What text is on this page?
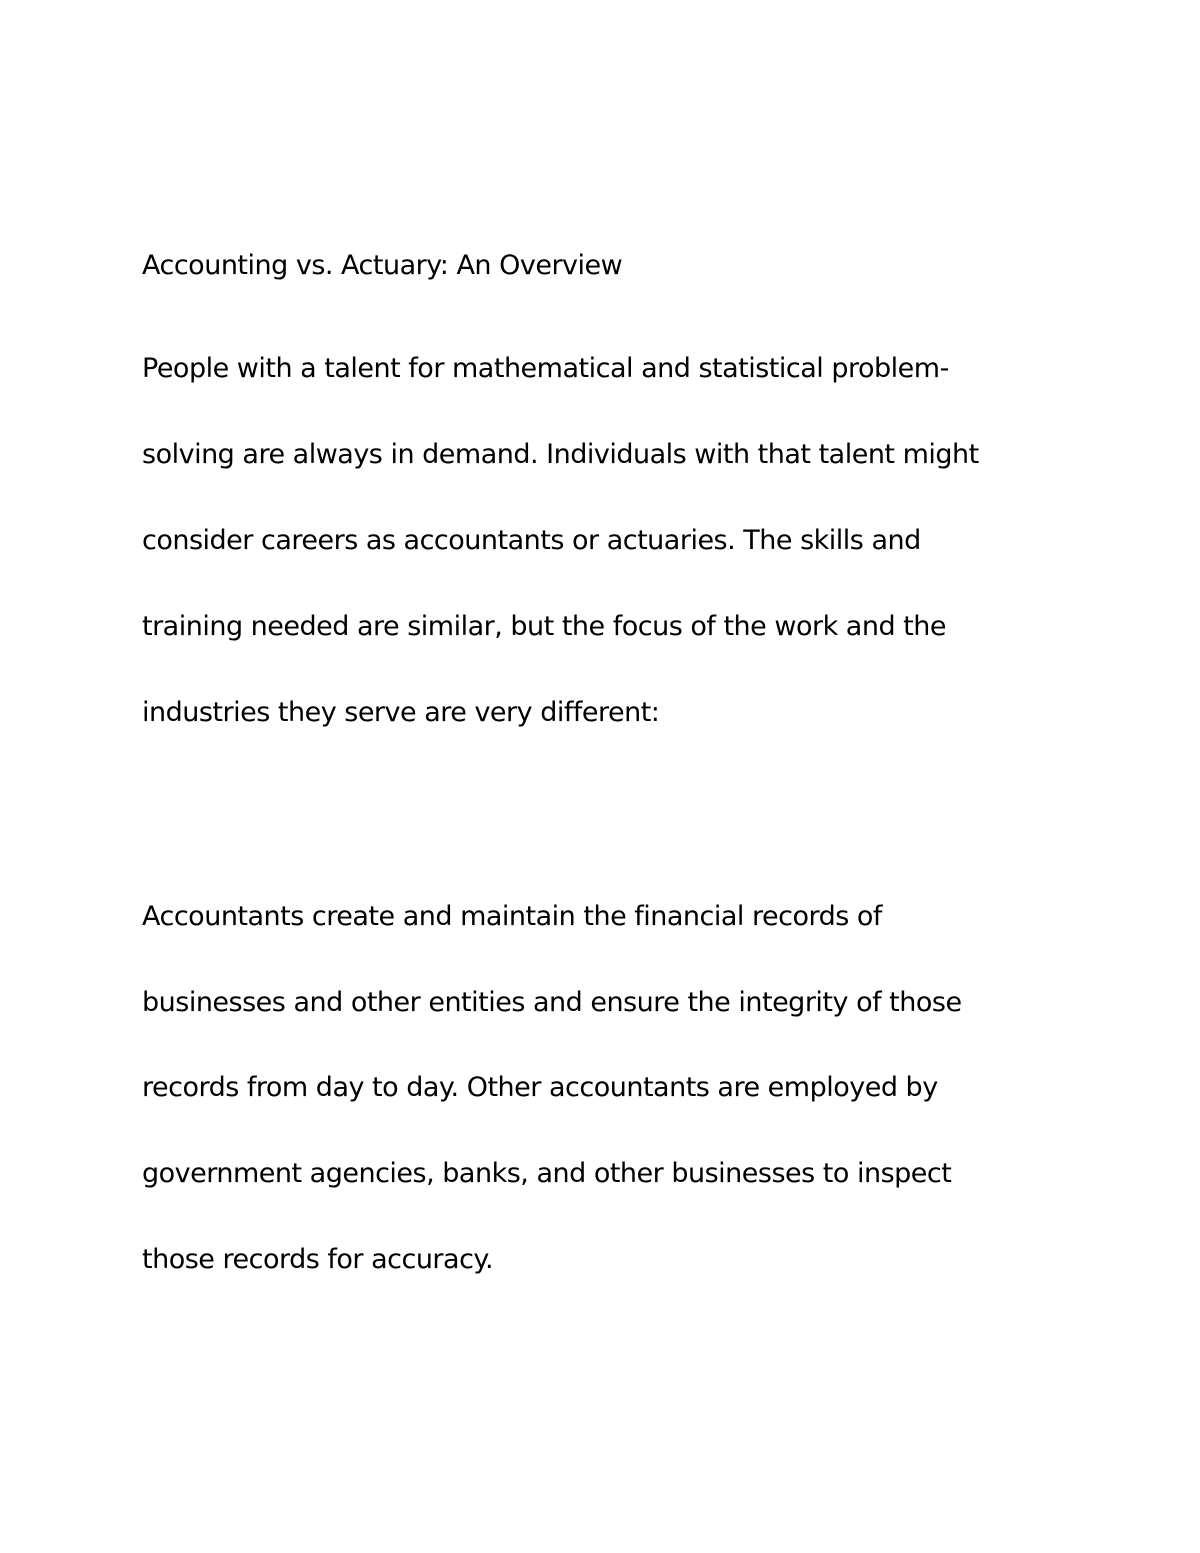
Accounting vs. Actuary: An Overview

People with a talent for mathematical and statistical problem-

solving are always in demand. Individuals with that talent might

consider careers as accountants or actuaries. The skills and

training needed are similar, but the focus of the work and the

industries they serve are very different:

Accountants create and maintain the financial records of

businesses and other entities and ensure the integrity of those

records from day to day. Other accountants are employed by

government agencies, banks, and other businesses to inspect

those records for accuracy.
